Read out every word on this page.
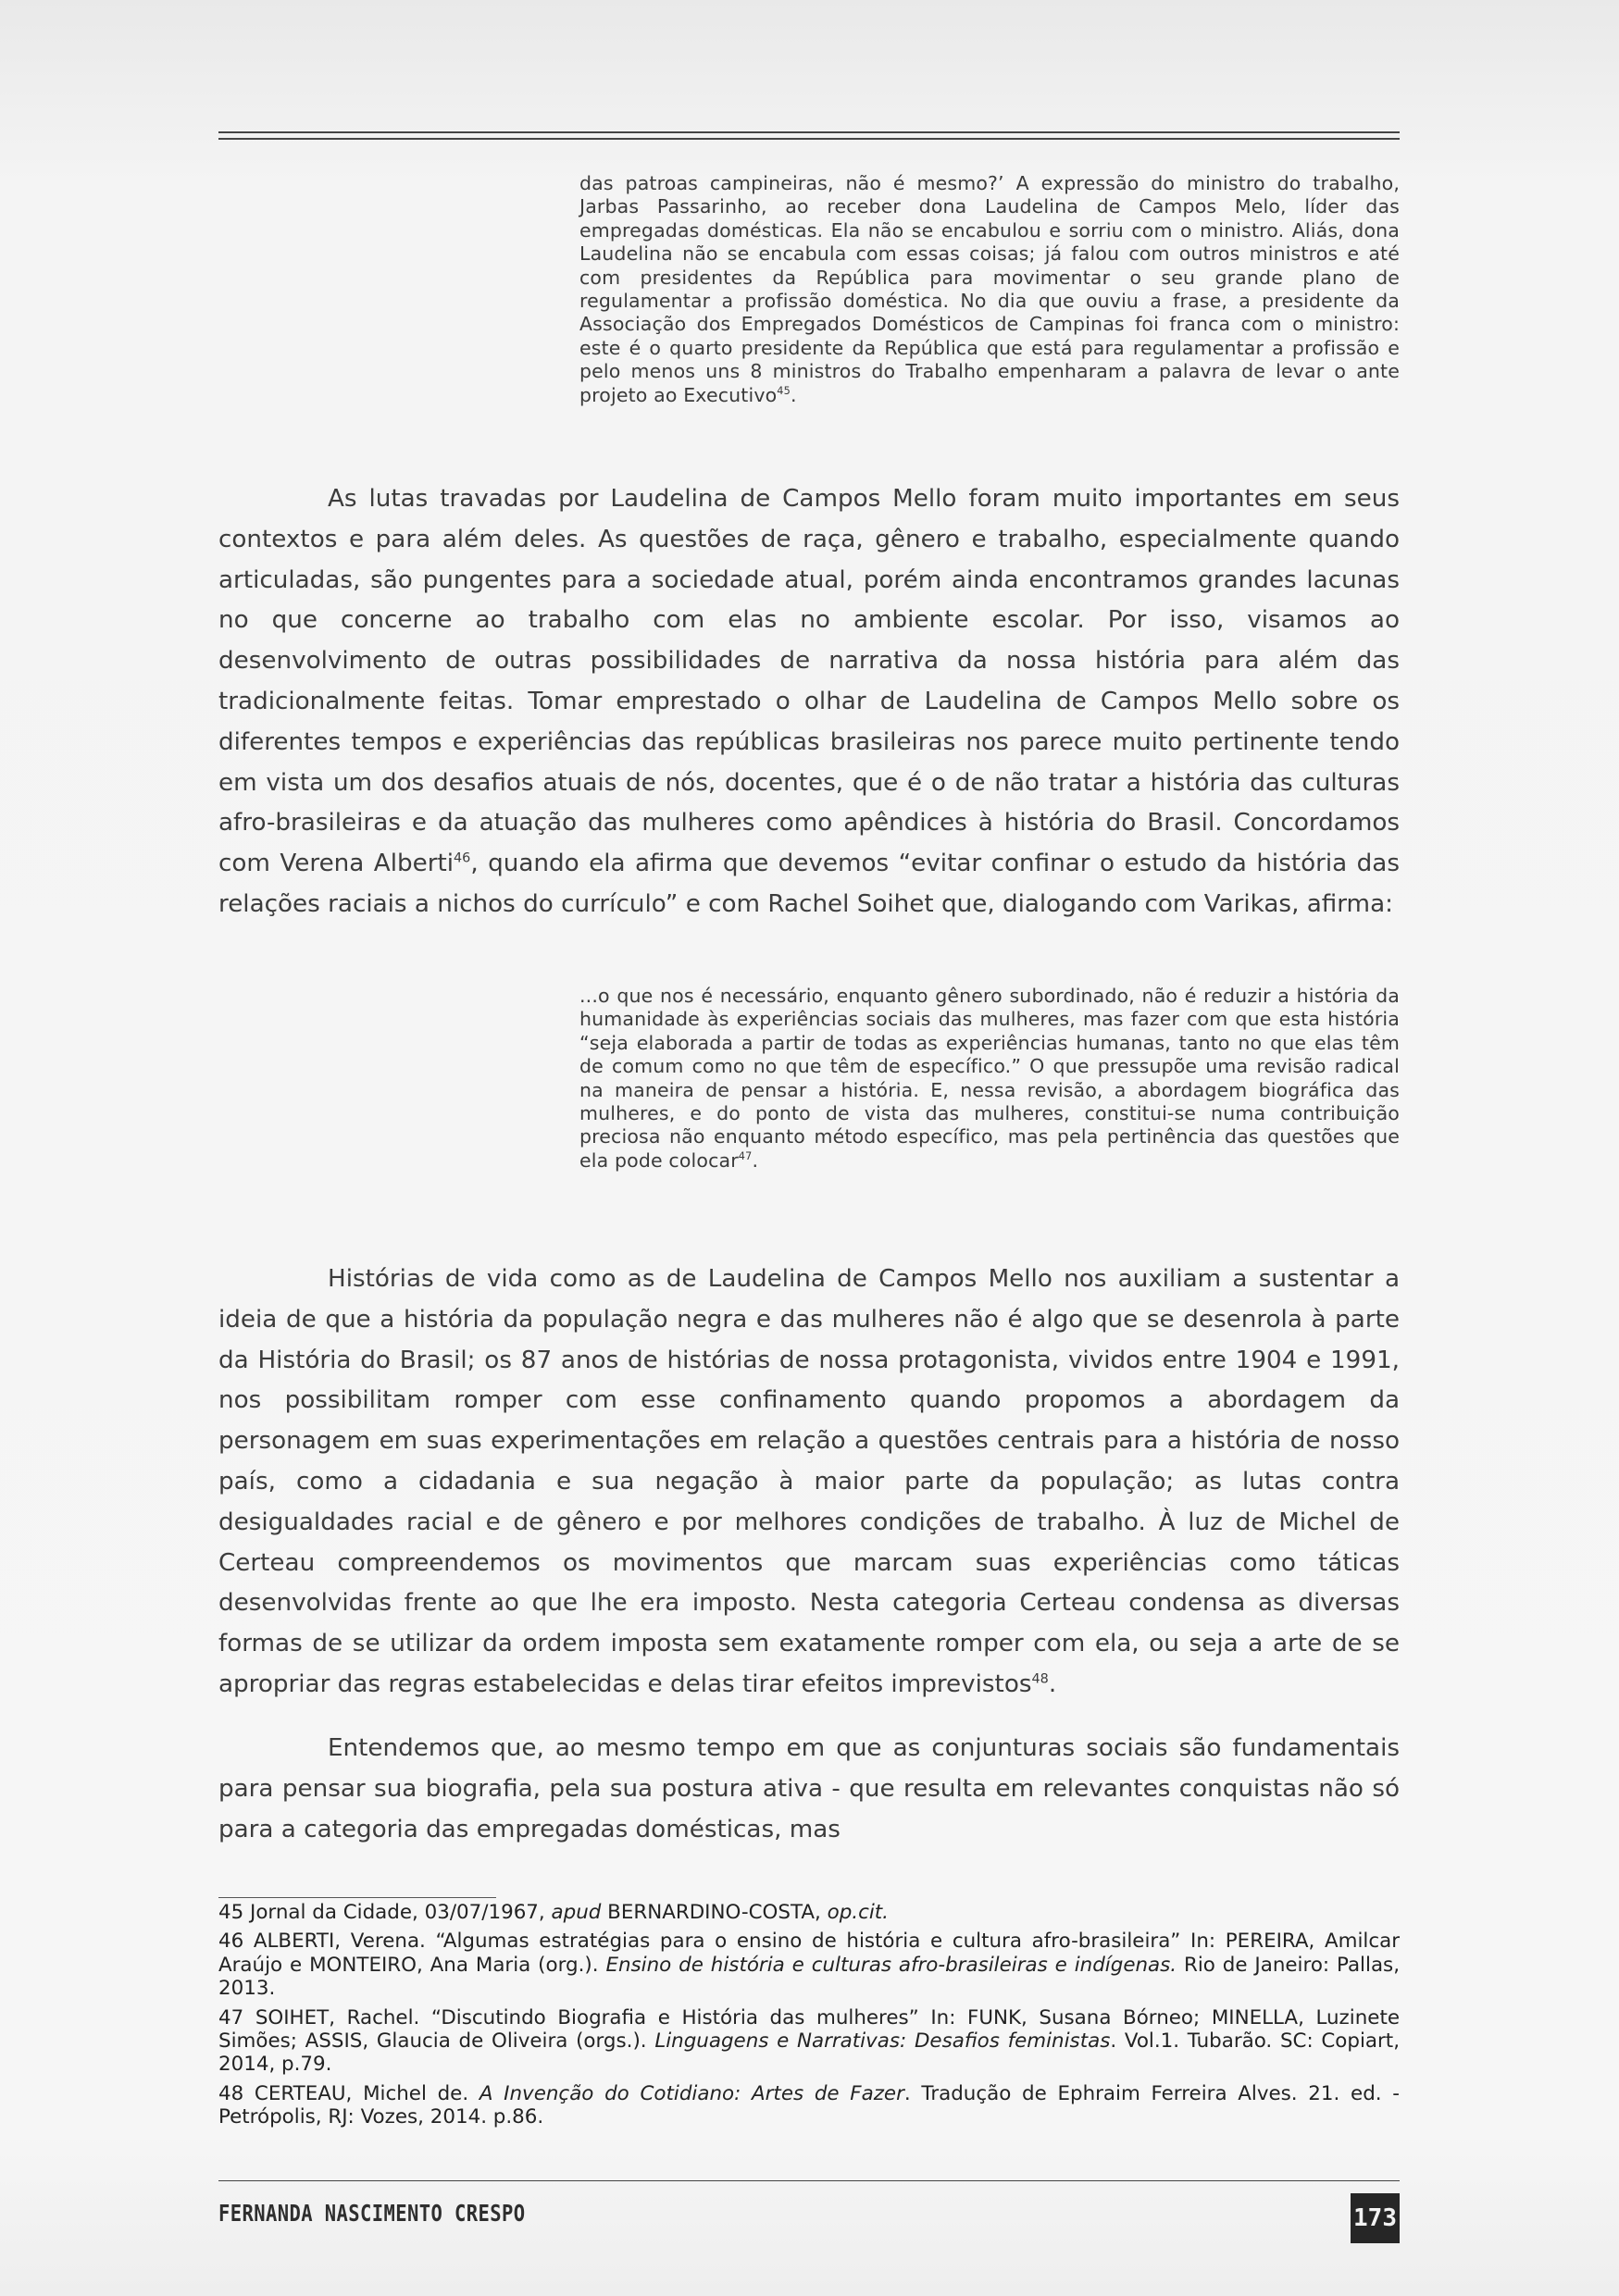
das patroas campineiras, não é mesmo?’ A expressão do ministro do trabalho, Jarbas Passarinho, ao receber dona Laudelina de Campos Melo, líder das empregadas domésticas. Ela não se encabulou e sorriu com o ministro. Aliás, dona Laudelina não se encabula com essas coisas; já falou com outros ministros e até com presidentes da República para movimentar o seu grande plano de regulamentar a profissão doméstica. No dia que ouviu a frase, a presidente da Associação dos Empregados Domésticos de Campinas foi franca com o ministro: este é o quarto presidente da República que está para regulamentar a profissão e pelo menos uns 8 ministros do Trabalho empenharam a palavra de levar o ante projeto ao Executivo$^{45}$.

As lutas travadas por Laudelina de Campos Mello foram muito importantes em seus contextos e para além deles. As questões de raça, gênero e trabalho, especialmente quando articuladas, são pungentes para a sociedade atual, porém ainda encontramos grandes lacunas no que concerne ao trabalho com elas no ambiente escolar. Por isso, visamos ao desenvolvimento de outras possibilidades de narrativa da nossa história para além das tradicionalmente feitas. Tomar emprestado o olhar de Laudelina de Campos Mello sobre os diferentes tempos e experiências das repúblicas brasileiras nos parece muito pertinente tendo em vista um dos desafios atuais de nós, docentes, que é o de não tratar a história das culturas afro-brasileiras e da atuação das mulheres como apêndices à história do Brasil. Concordamos com Verena Alberti$^{46}$, quando ela afirma que devemos “evitar confinar o estudo da história das relações raciais a nichos do currículo” e com Rachel Soihet que, dialogando com Varikas, afirma:

...o que nos é necessário, enquanto gênero subordinado, não é reduzir a história da humanidade às experiências sociais das mulheres, mas fazer com que esta história “seja elaborada a partir de todas as experiências humanas, tanto no que elas têm de comum como no que têm de específico.” O que pressupõe uma revisão radical na maneira de pensar a história. E, nessa revisão, a abordagem biográfica das mulheres, e do ponto de vista das mulheres, constitui-se numa contribuição preciosa não enquanto método específico, mas pela pertinência das questões que ela pode colocar$^{47}$.

Histórias de vida como as de Laudelina de Campos Mello nos auxiliam a sustentar a ideia de que a história da população negra e das mulheres não é algo que se desenrola à parte da História do Brasil; os 87 anos de histórias de nossa protagonista, vividos entre 1904 e 1991, nos possibilitam romper com esse confinamento quando propomos a abordagem da personagem em suas experimentações em relação a questões centrais para a história de nosso país, como a cidadania e sua negação à maior parte da população; as lutas contra desigualdades racial e de gênero e por melhores condições de trabalho. À luz de Michel de Certeau compreendemos os movimentos que marcam suas experiências como táticas desenvolvidas frente ao que lhe era imposto. Nesta categoria Certeau condensa as diversas formas de se utilizar da ordem imposta sem exatamente romper com ela, ou seja a arte de se apropriar das regras estabelecidas e delas tirar efeitos imprevistos$^{48}$.

Entendemos que, ao mesmo tempo em que as conjunturas sociais são fundamentais para pensar sua biografia, pela sua postura ativa - que resulta em relevantes conquistas não só para a categoria das empregadas domésticas, mas

45 Jornal da Cidade, 03/07/1967, apud BERNARDINO-COSTA, op.cit.

46 ALBERTI, Verena. “Algumas estratégias para o ensino de história e cultura afro-brasileira” In: PEREIRA, Amilcar Araújo e MONTEIRO, Ana Maria (org.). Ensino de história e culturas afro-brasileiras e indígenas. Rio de Janeiro: Pallas, 2013.

47 SOIHET, Rachel. “Discutindo Biografia e História das mulheres” In: FUNK, Susana Bórneo; MINELLA, Luzinete Simões; ASSIS, Glaucia de Oliveira (orgs.). Linguagens e Narrativas: Desafios feministas. Vol.1. Tubarão. SC: Copiart, 2014, p.79.

48 CERTEAU, Michel de. A Invenção do Cotidiano: Artes de Fazer. Tradução de Ephraim Ferreira Alves. 21. ed. - Petrópolis, RJ: Vozes, 2014. p.86.

FERNANDA NASCIMENTO CRESPO	173
